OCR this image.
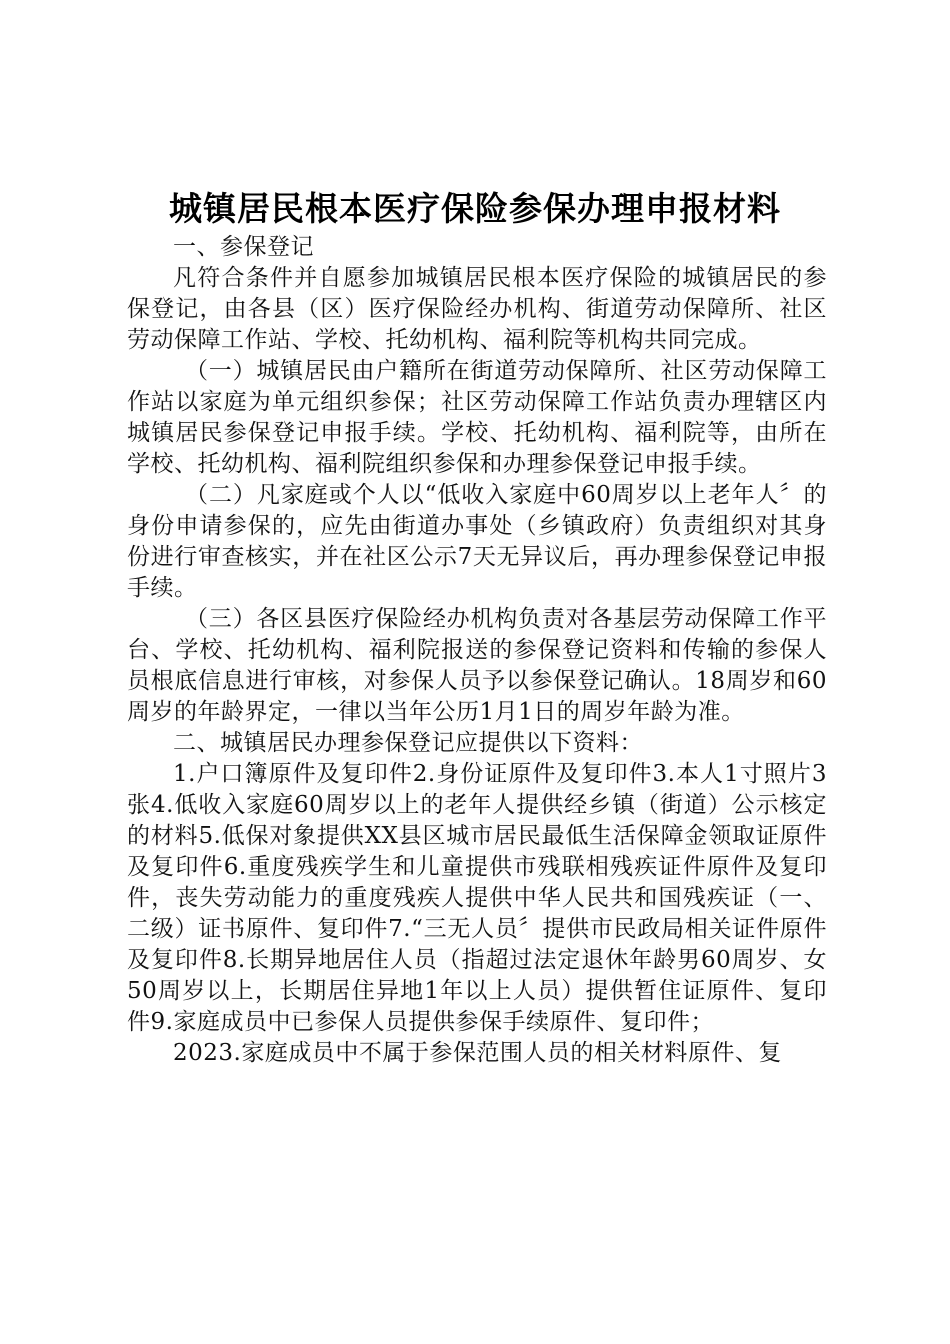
城镇居民根本医疗保险参保办理申报材料

一、参保登记

凡符合条件并自愿参加城镇居民根本医疗保险的城镇居民的参保登记，由各县（区）医疗保险经办机构、街道劳动保障所、社区劳动保障工作站、学校、托幼机构、福利院等机构共同完成。

（一）城镇居民由户籍所在街道劳动保障所、社区劳动保障工作站以家庭为单元组织参保；社区劳动保障工作站负责办理辖区内城镇居民参保登记申报手续。学校、托幼机构、福利院等，由所在学校、托幼机构、福利院组织参保和办理参保登记申报手续。

（二）凡家庭或个人以“低收入家庭中60周岁以上老年人〞的身份申请参保的，应先由街道办事处（乡镇政府）负责组织对其身份进行审查核实，并在社区公示7天无异议后，再办理参保登记申报手续。

（三）各区县医疗保险经办机构负责对各基层劳动保障工作平台、学校、托幼机构、福利院报送的参保登记资料和传输的参保人员根底信息进行审核，对参保人员予以参保登记确认。18周岁和60周岁的年龄界定，一律以当年公历1月1日的周岁年龄为准。

二、城镇居民办理参保登记应提供以下资料：

1.户口簿原件及复印件2.身份证原件及复印件3.本人1寸照片3张4.低收入家庭60周岁以上的老年人提供经乡镇（街道）公示核定的材料5.低保对象提供XX县区城市居民最低生活保障金领取证原件及复印件6.重度残疾学生和儿童提供市残联相残疾证件原件及复印件，丧失劳动能力的重度残疾人提供中华人民共和国残疾证（一、二级）证书原件、复印件7.“三无人员〞提供市民政局相关证件原件及复印件8.长期异地居住人员（指超过法定退休年龄男60周岁、女50周岁以上，长期居住异地1年以上人员）提供暂住证原件、复印件9.家庭成员中已参保人员提供参保手续原件、复印件；

2023.家庭成员中不属于参保范围人员的相关材料原件、复
